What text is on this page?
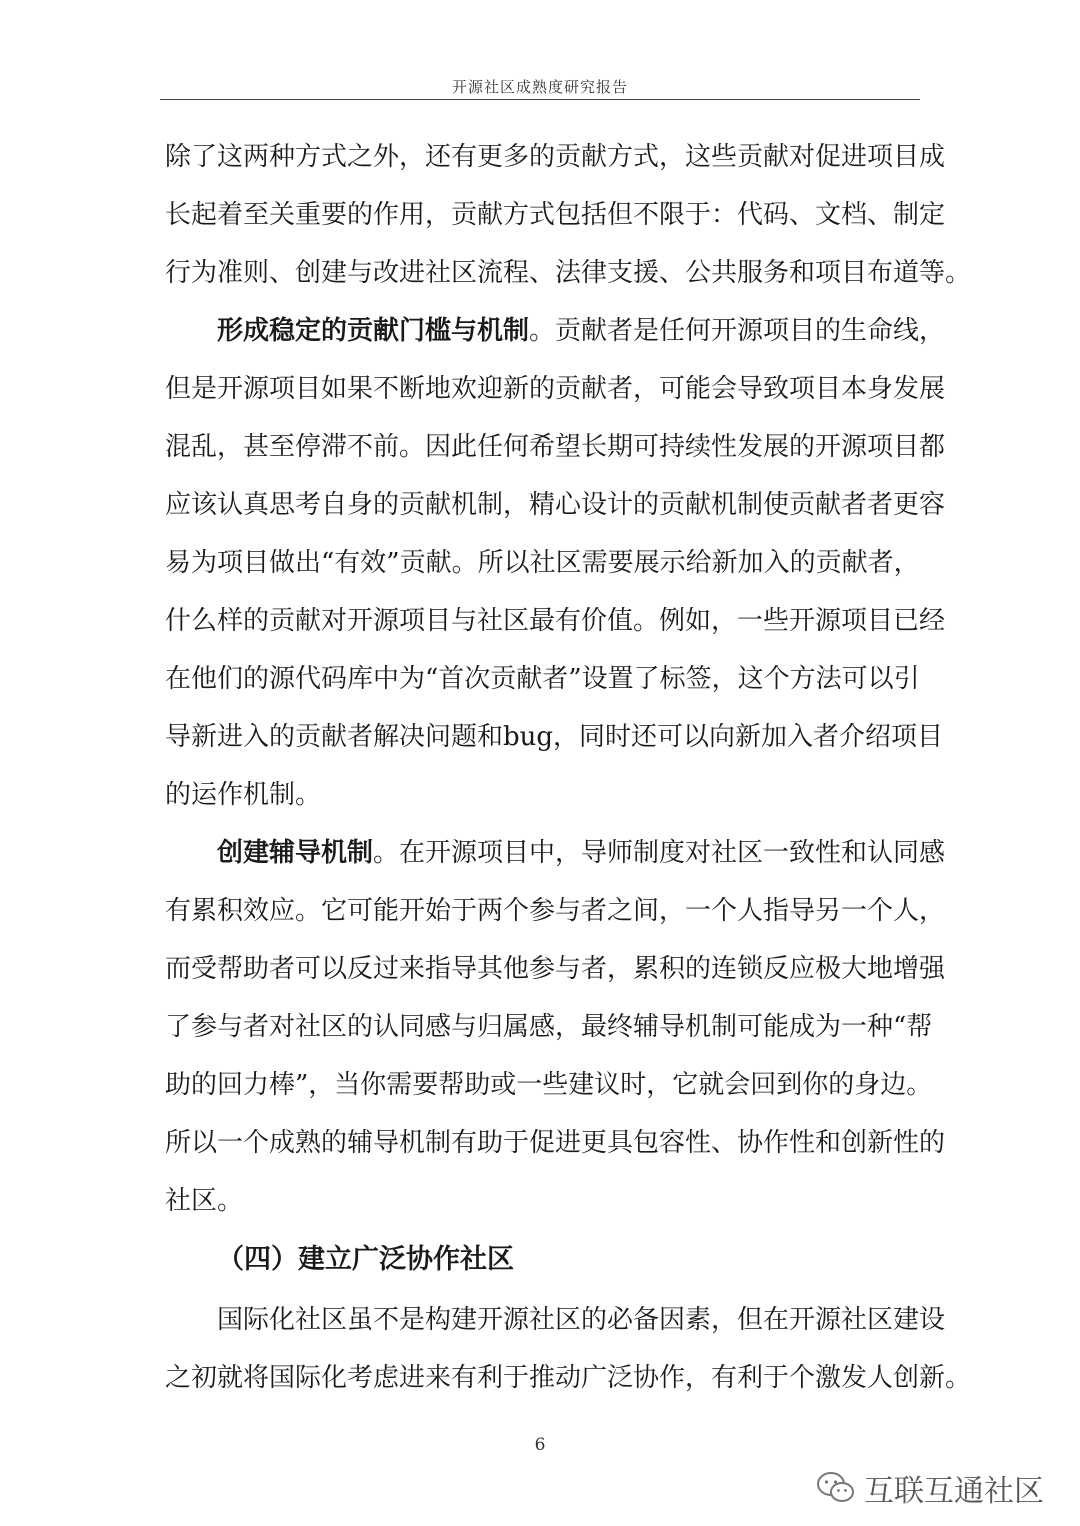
开源社区成熟度研究报告
除了这两种方式之外，还有更多的贡献方式，这些贡献对促进项目成
长起着至关重要的作用，贡献方式包括但不限于：代码、文档、制定
行为准则、创建与改进社区流程、法律支援、公共服务和项目布道等。
形成稳定的贡献门槛与机制。贡献者是任何开源项目的生命线，
但是开源项目如果不断地欢迎新的贡献者，可能会导致项目本身发展
混乱，甚至停滞不前。因此任何希望长期可持续性发展的开源项目都
应该认真思考自身的贡献机制，精心设计的贡献机制使贡献者者更容
易为项目做出“有效”贡献。所以社区需要展示给新加入的贡献者，
什么样的贡献对开源项目与社区最有价值。例如，一些开源项目已经
在他们的源代码库中为“首次贡献者”设置了标签，这个方法可以引
导新进入的贡献者解决问题和bug，同时还可以向新加入者介绍项目
的运作机制。
创建辅导机制。在开源项目中，导师制度对社区一致性和认同感
有累积效应。它可能开始于两个参与者之间，一个人指导另一个人，
而受帮助者可以反过来指导其他参与者，累积的连锁反应极大地增强
了参与者对社区的认同感与归属感，最终辅导机制可能成为一种“帮
助的回力棒”，当你需要帮助或一些建议时，它就会回到你的身边。
所以一个成熟的辅导机制有助于促进更具包容性、协作性和创新性的
社区。
（四）建立广泛协作社区
国际化社区虽不是构建开源社区的必备因素，但在开源社区建设
之初就将国际化考虑进来有利于推动广泛协作，有利于个激发人创新。
6
互联互通社区
